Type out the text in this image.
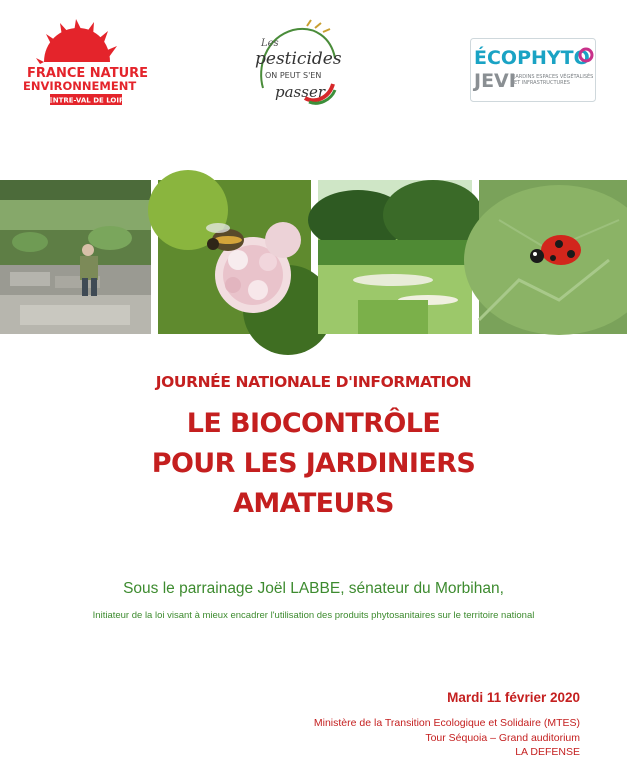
FRANCE NATURE
ENVIRONNEMENT
CENTRE-VAL DE LOIRE
Les
pesticides
ON PEUT S'EN
passer
ÉCOPHYTO
JEVI
JARDINS ESPACES VÉGÉTALISÉS
ET INFRASTRUCTURES
JOURNÉE NATIONALE D'INFORMATION
LE BIOCONTRÔLE
POUR LES JARDINIERS
AMATEURS
Sous le parrainage Joël LABBE, sénateur du Morbihan,
Initiateur de la loi visant à mieux encadrer l'utilisation des produits phytosanitaires sur le territoire national
Mardi 11 février 2020
Ministère de la Transition Ecologique et Solidaire (MTES)
Tour Séquoia – Grand auditorium
LA DEFENSE
